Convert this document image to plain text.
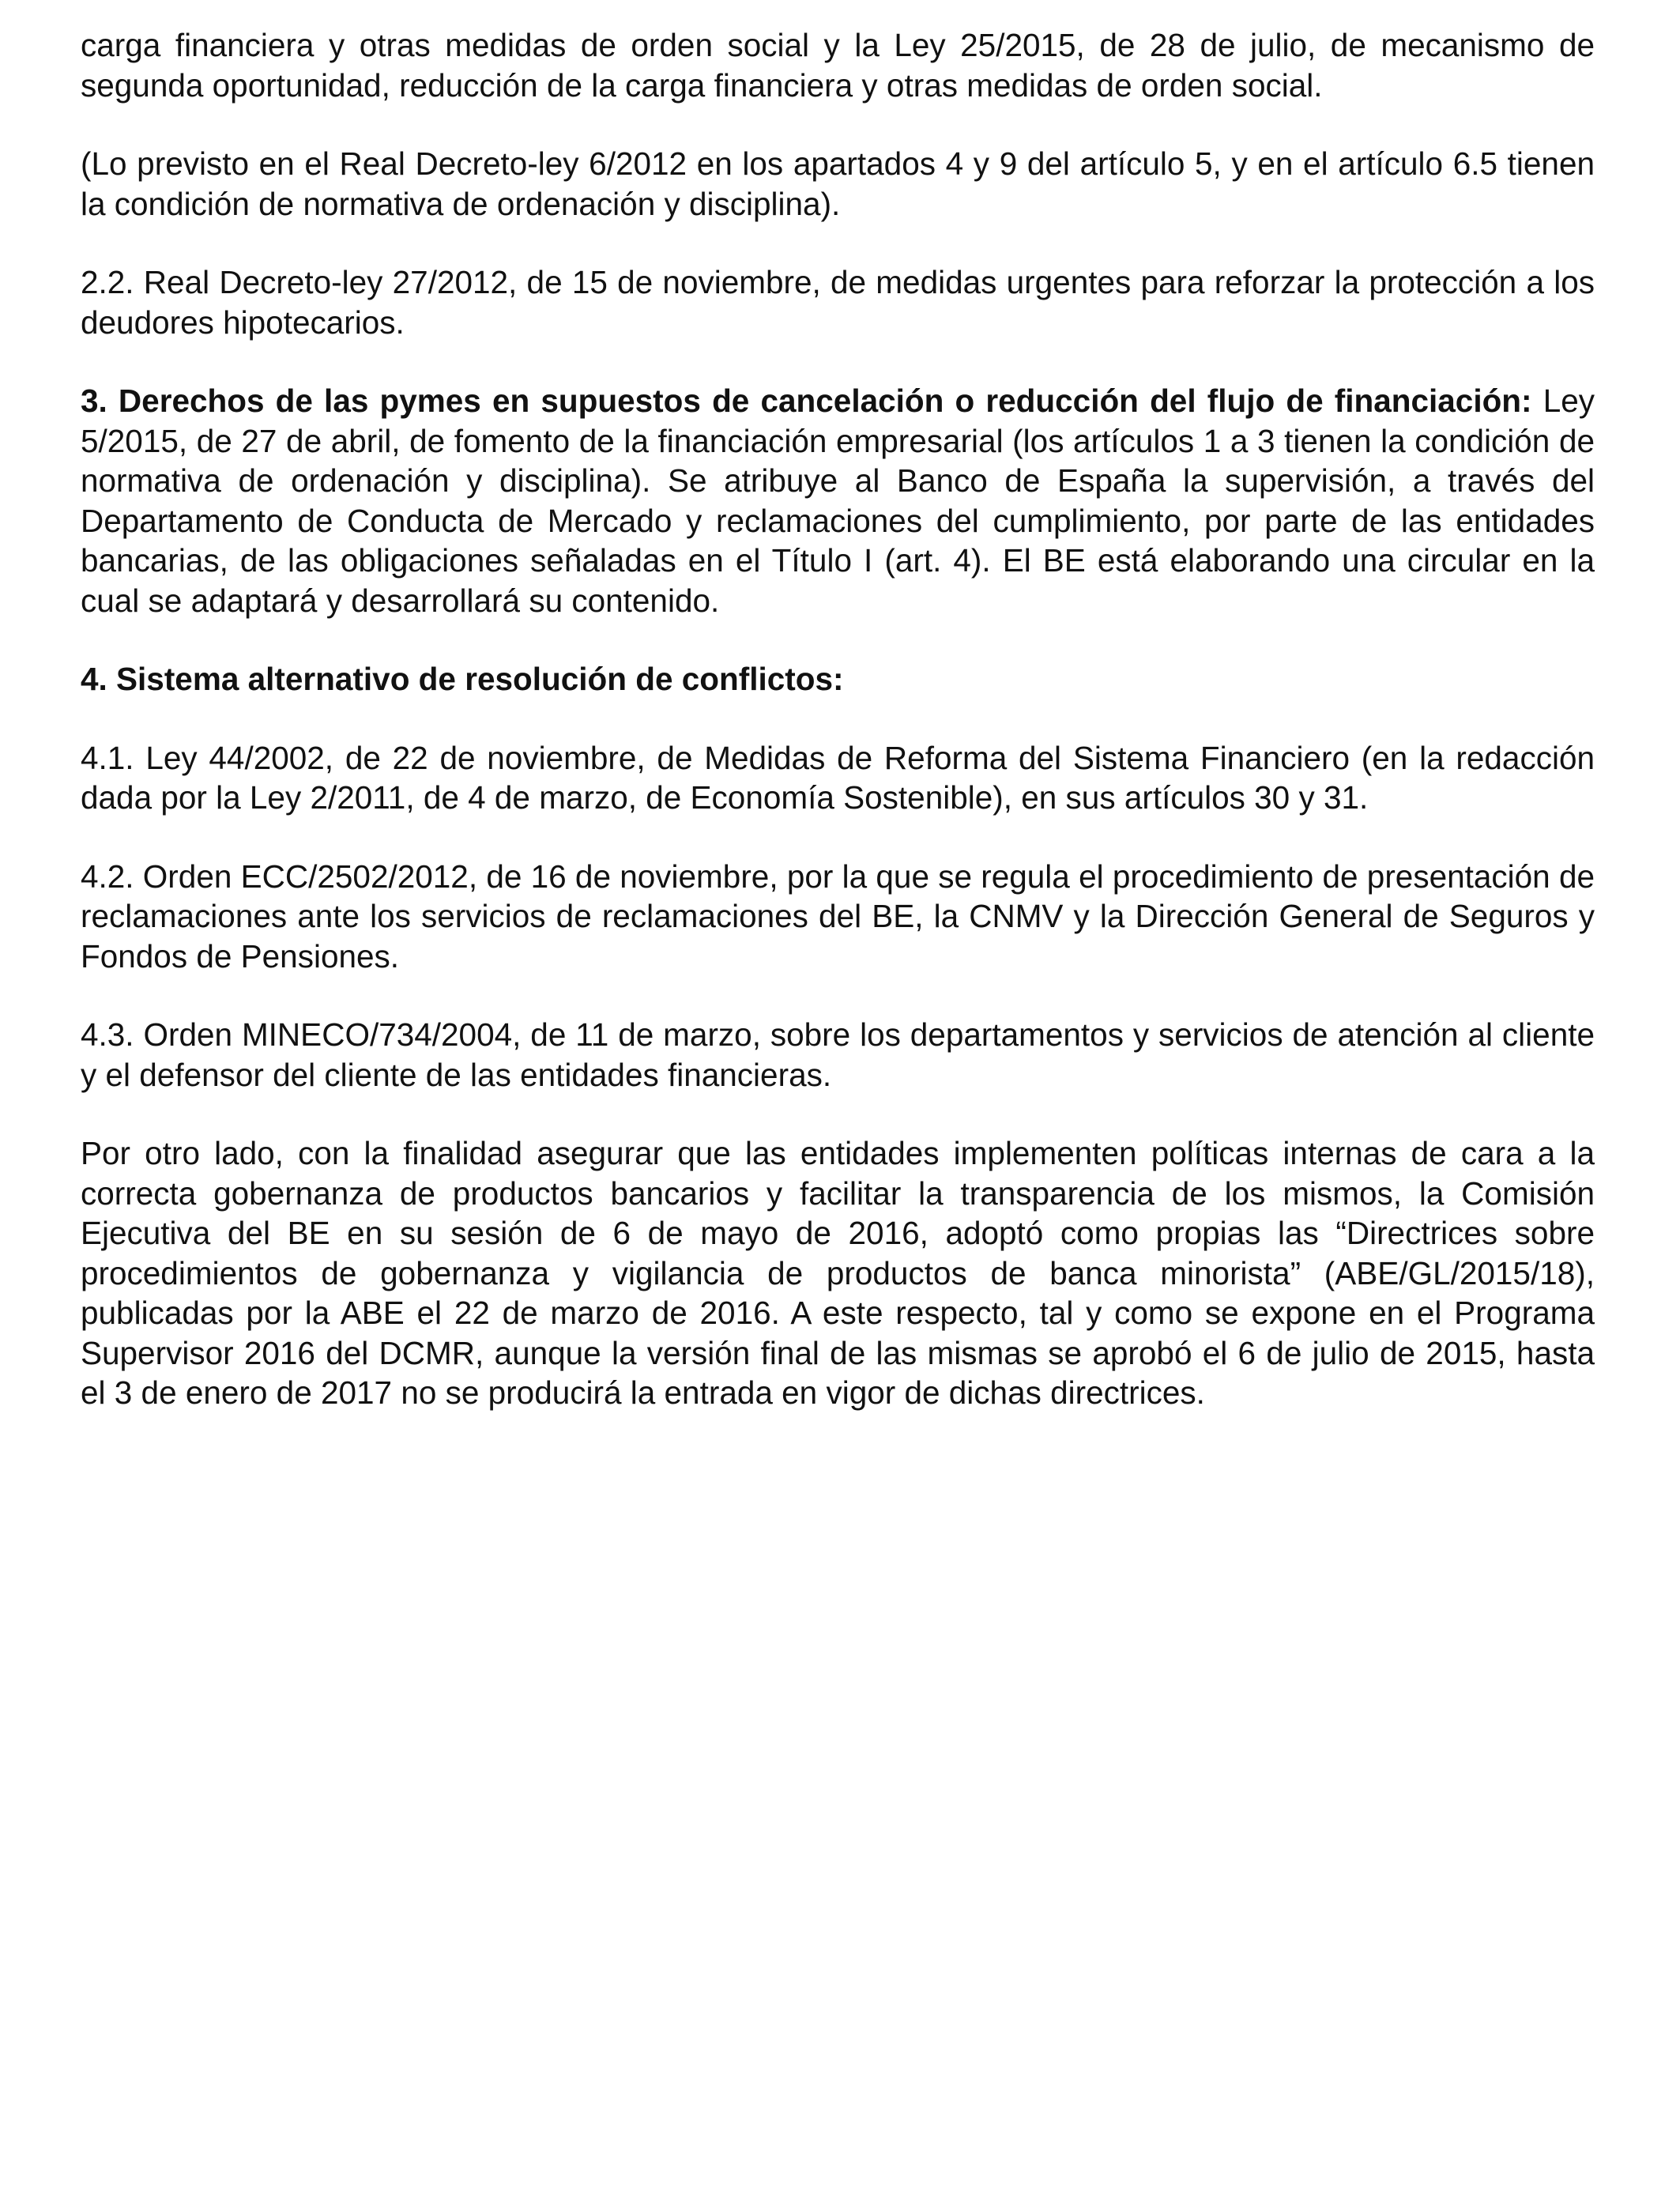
carga financiera y otras medidas de orden social y la Ley 25/2015, de 28 de julio, de mecanismo de segunda oportunidad, reducción de la carga financiera y otras medidas de orden social.

(Lo previsto en el Real Decreto-ley 6/2012 en los apartados 4 y 9 del artículo 5, y en el artículo 6.5 tienen la condición de normativa de ordenación y disciplina).

2.2. Real Decreto-ley 27/2012, de 15 de noviembre, de medidas urgentes para reforzar la protección a los deudores hipotecarios.

3. Derechos de las pymes en supuestos de cancelación o reducción del flujo de financiación: Ley 5/2015, de 27 de abril, de fomento de la financiación empresarial (los artículos 1 a 3 tienen la condición de normativa de ordenación y disciplina). Se atribuye al Banco de España la supervisión, a través del Departamento de Conducta de Mercado y reclamaciones del cumplimiento, por parte de las entidades bancarias, de las obligaciones señaladas en el Título I (art. 4). El BE está elaborando una circular en la cual se adaptará y desarrollará su contenido.

4. Sistema alternativo de resolución de conflictos:

4.1. Ley 44/2002, de 22 de noviembre, de Medidas de Reforma del Sistema Financiero (en la redacción dada por la Ley 2/2011, de 4 de marzo, de Economía Sostenible), en sus artículos 30 y 31.

4.2. Orden ECC/2502/2012, de 16 de noviembre, por la que se regula el procedimiento de presentación de reclamaciones ante los servicios de reclamaciones del BE, la CNMV y la Dirección General de Seguros y Fondos de Pensiones.

4.3. Orden MINECO/734/2004, de 11 de marzo, sobre los departamentos y servicios de atención al cliente y el defensor del cliente de las entidades financieras.

Por otro lado, con la finalidad asegurar que las entidades implementen políticas internas de cara a la correcta gobernanza de productos bancarios y facilitar la transparencia de los mismos, la Comisión Ejecutiva del BE en su sesión de 6 de mayo de 2016, adoptó como propias las “Directrices sobre procedimientos de gobernanza y vigilancia de productos de banca minorista” (ABE/GL/2015/18), publicadas por la ABE el 22 de marzo de 2016. A este respecto, tal y como se expone en el Programa Supervisor 2016 del DCMR, aunque la versión final de las mismas se aprobó el 6 de julio de 2015, hasta el 3 de enero de 2017 no se producirá la entrada en vigor de dichas directrices.
